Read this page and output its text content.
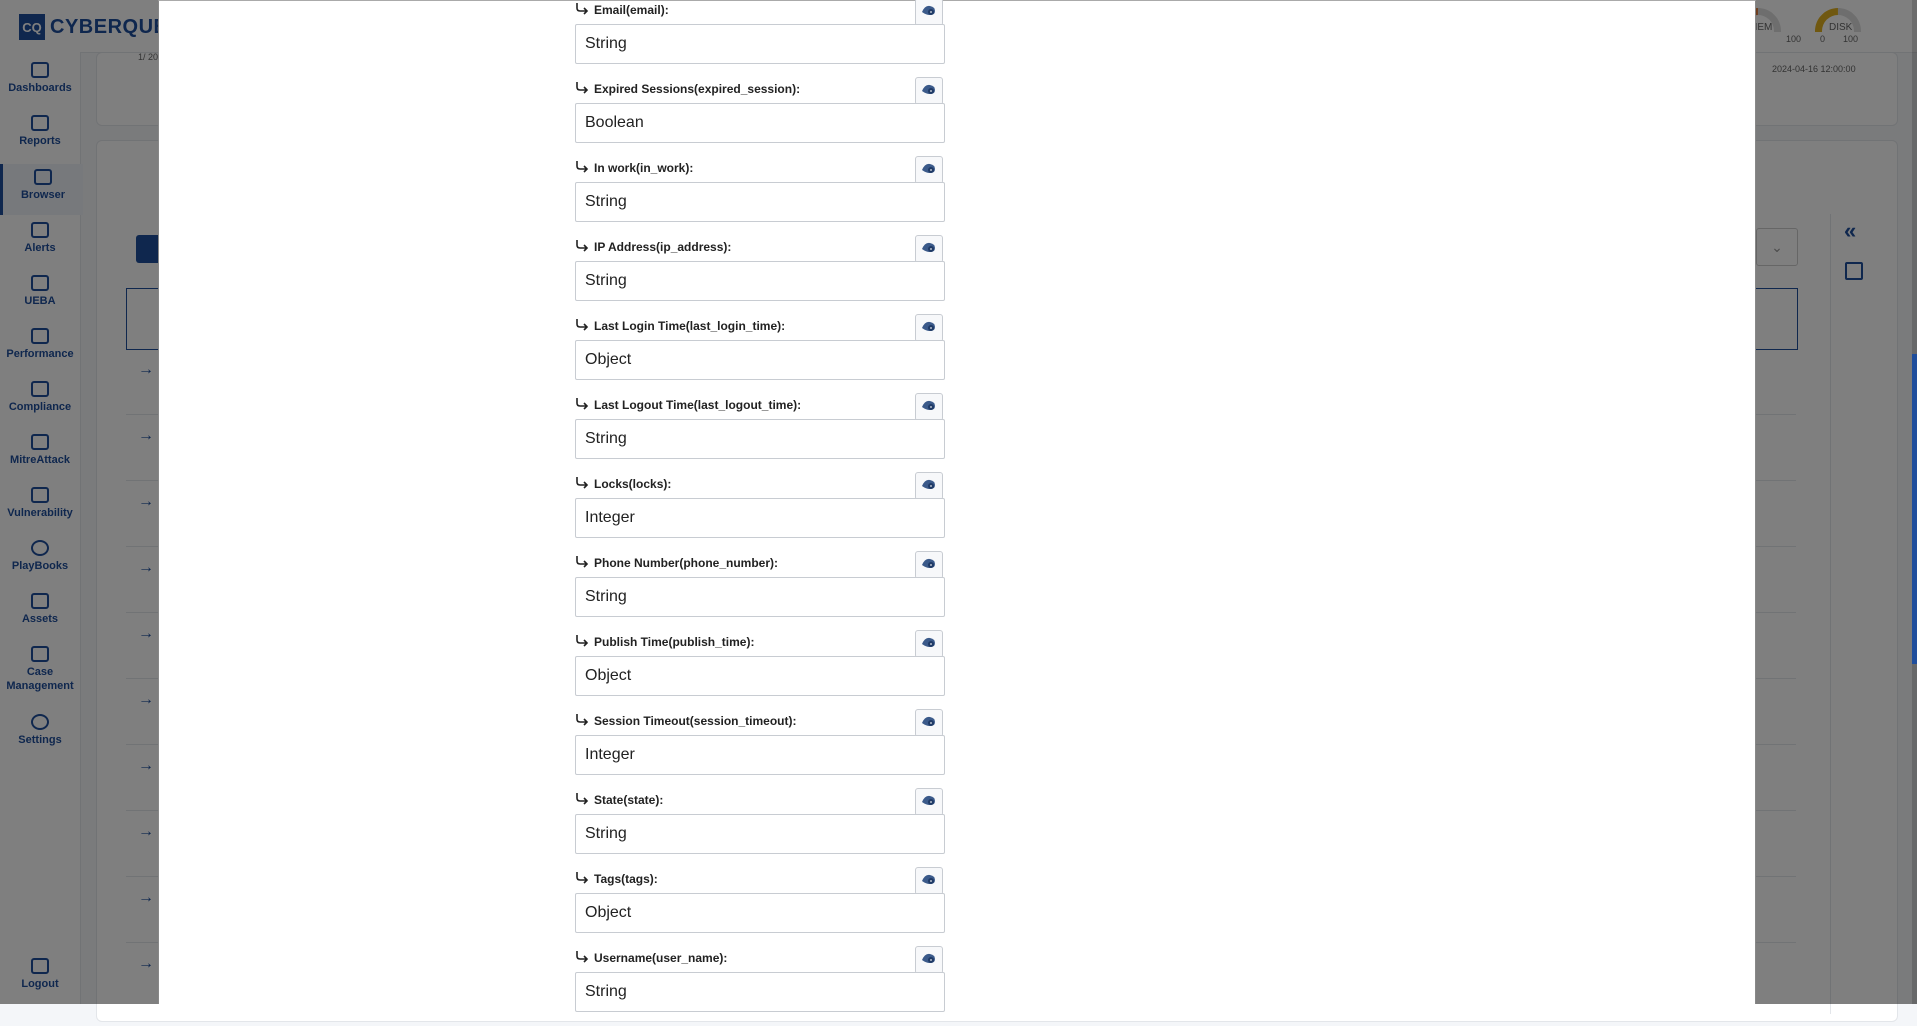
Email(email):
String
Expired Sessions(expired_session):
Boolean
In work(in_work):
String
IP Address(ip_address):
String
Last Login Time(last_login_time):
Object
Last Logout Time(last_logout_time):
String
Locks(locks):
Integer
Phone Number(phone_number):
String
Publish Time(publish_time):
Object
Session Timeout(session_timeout):
Integer
State(state):
String
Tags(tags):
Object
Username(user_name):
String
